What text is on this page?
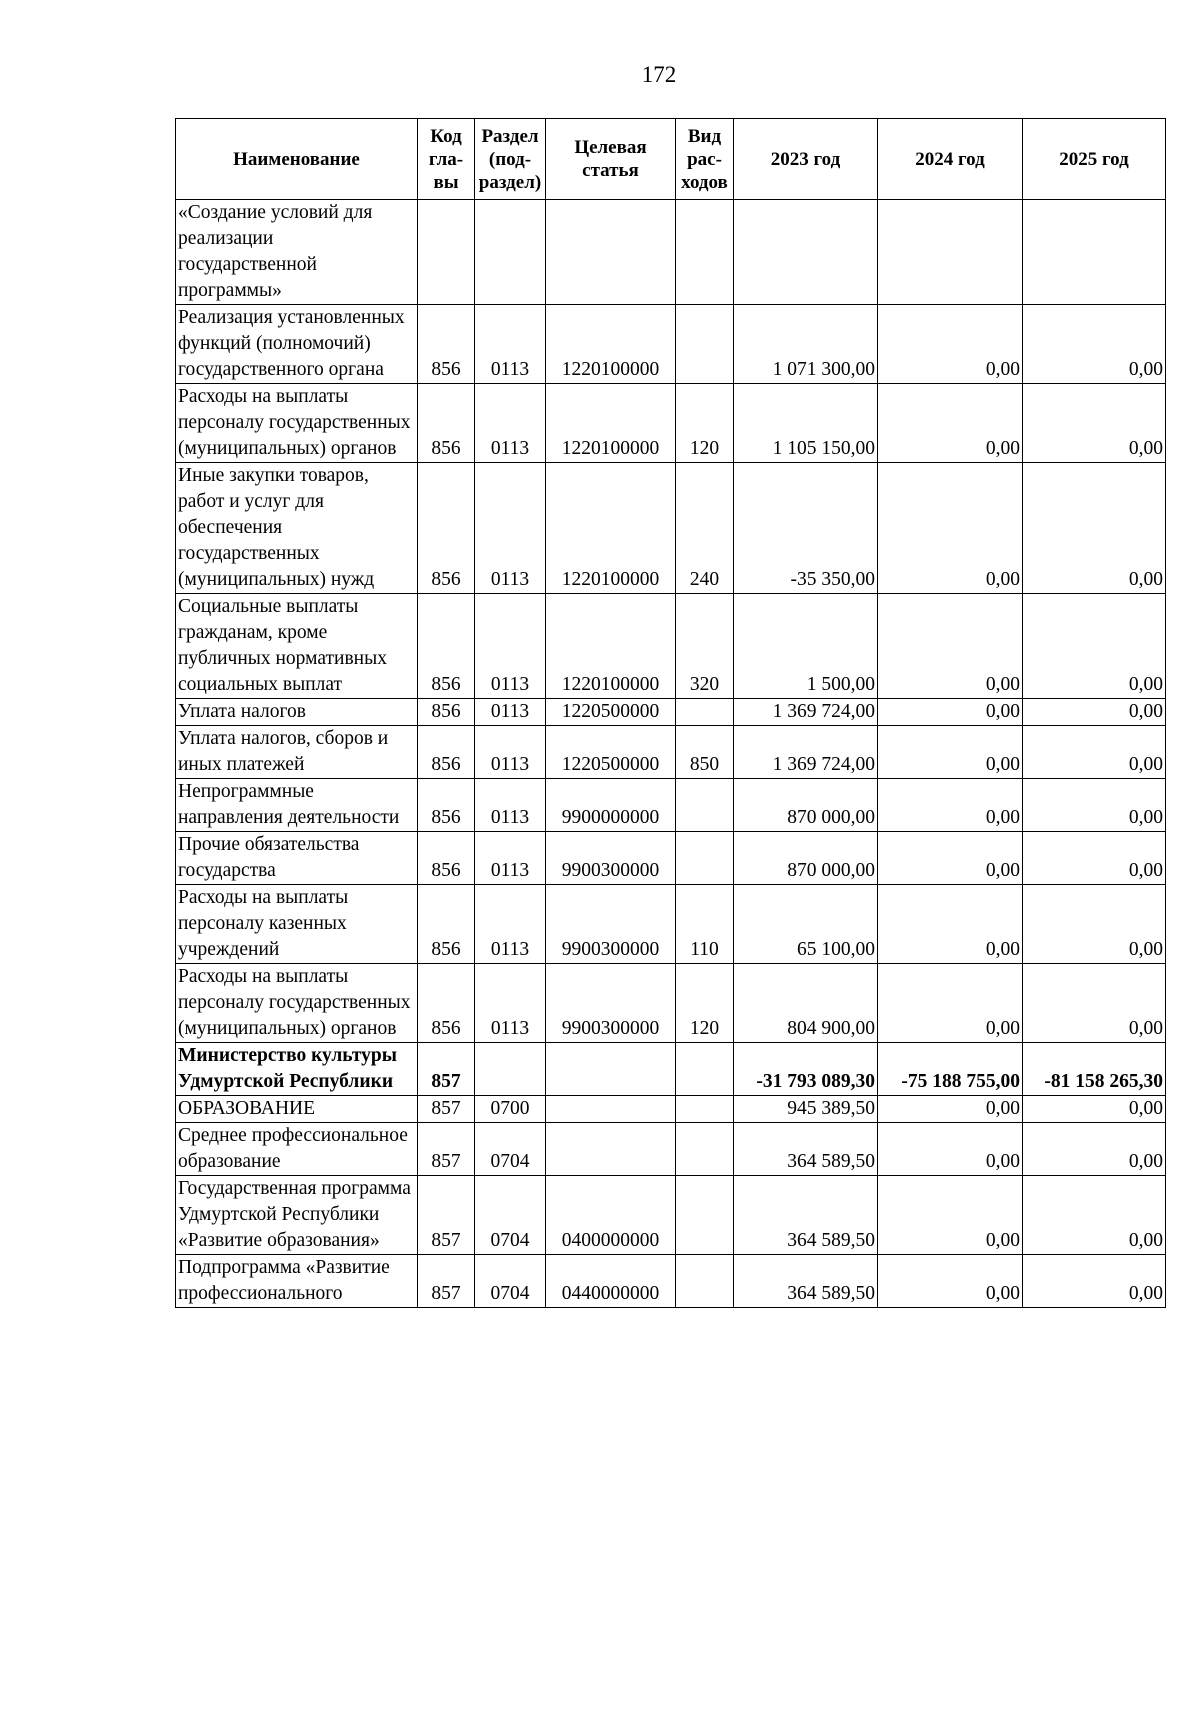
172
Наименование	Код гла- вы	Раздел (под- раздел)	Целевая статья	Вид рас- ходов	2023 год	2024 год	2025 год
«Создание условий для реализации государственной программы»							
Реализация установленных функций (полномочий) государственного органа	856	0113	1220100000		1 071 300,00	0,00	0,00
Расходы на выплаты персоналу государственных (муниципальных) органов	856	0113	1220100000	120	1 105 150,00	0,00	0,00
Иные закупки товаров, работ и услуг для обеспечения государственных (муниципальных) нужд	856	0113	1220100000	240	-35 350,00	0,00	0,00
Социальные выплаты гражданам, кроме публичных нормативных социальных выплат	856	0113	1220100000	320	1 500,00	0,00	0,00
Уплата налогов	856	0113	1220500000		1 369 724,00	0,00	0,00
Уплата налогов, сборов и иных платежей	856	0113	1220500000	850	1 369 724,00	0,00	0,00
Непрограммные направления деятельности	856	0113	9900000000		870 000,00	0,00	0,00
Прочие обязательства государства	856	0113	9900300000		870 000,00	0,00	0,00
Расходы на выплаты персоналу казенных учреждений	856	0113	9900300000	110	65 100,00	0,00	0,00
Расходы на выплаты персоналу государственных (муниципальных) органов	856	0113	9900300000	120	804 900,00	0,00	0,00
Министерство культуры Удмуртской Республики	857				-31 793 089,30	-75 188 755,00	-81 158 265,30
ОБРАЗОВАНИЕ	857	0700			945 389,50	0,00	0,00
Среднее профессиональное образование	857	0704			364 589,50	0,00	0,00
Государственная программа Удмуртской Республики «Развитие образования»	857	0704	0400000000		364 589,50	0,00	0,00
Подпрограмма «Развитие профессионального	857	0704	0440000000		364 589,50	0,00	0,00
